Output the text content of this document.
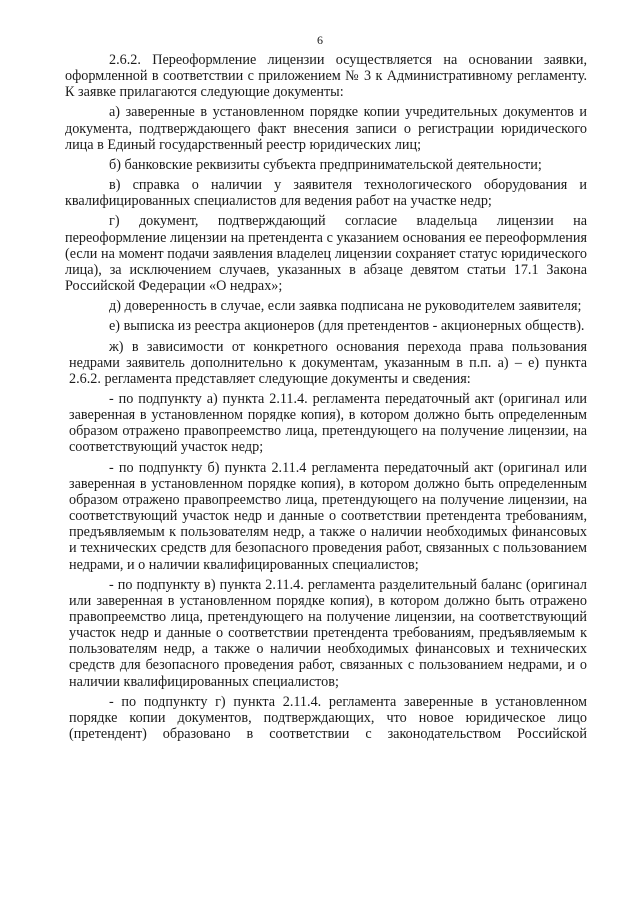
6

2.6.2. Переоформление лицензии осуществляется на основании заявки, оформленной в соответствии с приложением № 3 к Административному регламенту. К заявке прилагаются следующие документы:

а) заверенные в установленном порядке копии учредительных документов и документа, подтверждающего факт внесения записи о регистрации юридического лица в Единый государственный реестр юридических лиц;

б) банковские реквизиты субъекта предпринимательской деятельности;

в) справка о наличии у заявителя технологического оборудования и квалифицированных специалистов для ведения работ на участке недр;

г) документ, подтверждающий согласие владельца лицензии на переоформление лицензии на претендента с указанием основания ее переоформления (если на момент подачи заявления владелец лицензии сохраняет статус юридического лица), за исключением случаев, указанных в абзаце девятом статьи 17.1 Закона Российской Федерации «О недрах»;

д) доверенность в случае, если заявка подписана не руководителем заявителя;

е) выписка из реестра акционеров (для претендентов - акционерных обществ).

ж) в зависимости от конкретного основания перехода права пользования недрами заявитель дополнительно к документам, указанным в п.п. а) – е) пункта 2.6.2. регламента представляет следующие документы и сведения:

- по подпункту а) пункта 2.11.4. регламента передаточный акт (оригинал или заверенная в установленном порядке копия), в котором должно быть определенным образом отражено правопреемство лица, претендующего на получение лицензии, на соответствующий участок недр;

- по подпункту б) пункта 2.11.4 регламента передаточный акт (оригинал или заверенная в установленном порядке копия), в котором должно быть определенным образом отражено правопреемство лица, претендующего на получение лицензии, на соответствующий участок недр и данные о соответствии претендента требованиям, предъявляемым к пользователям недр, а также о наличии необходимых финансовых и технических средств для безопасного проведения работ, связанных с пользованием недрами, и о наличии квалифицированных специалистов;

- по подпункту в) пункта 2.11.4. регламента разделительный баланс (оригинал или заверенная в установленном порядке копия), в котором должно быть отражено правопреемство лица, претендующего на получение лицензии, на соответствующий участок недр и данные о соответствии претендента требованиям, предъявляемым к пользователям недр, а также о наличии необходимых финансовых и технических средств для безопасного проведения работ, связанных с пользованием недрами, и о наличии квалифицированных специалистов;

- по подпункту г) пункта 2.11.4. регламента заверенные в установленном порядке копии документов, подтверждающих, что новое юридическое лицо (претендент) образовано в соответствии с законодательством Российской
